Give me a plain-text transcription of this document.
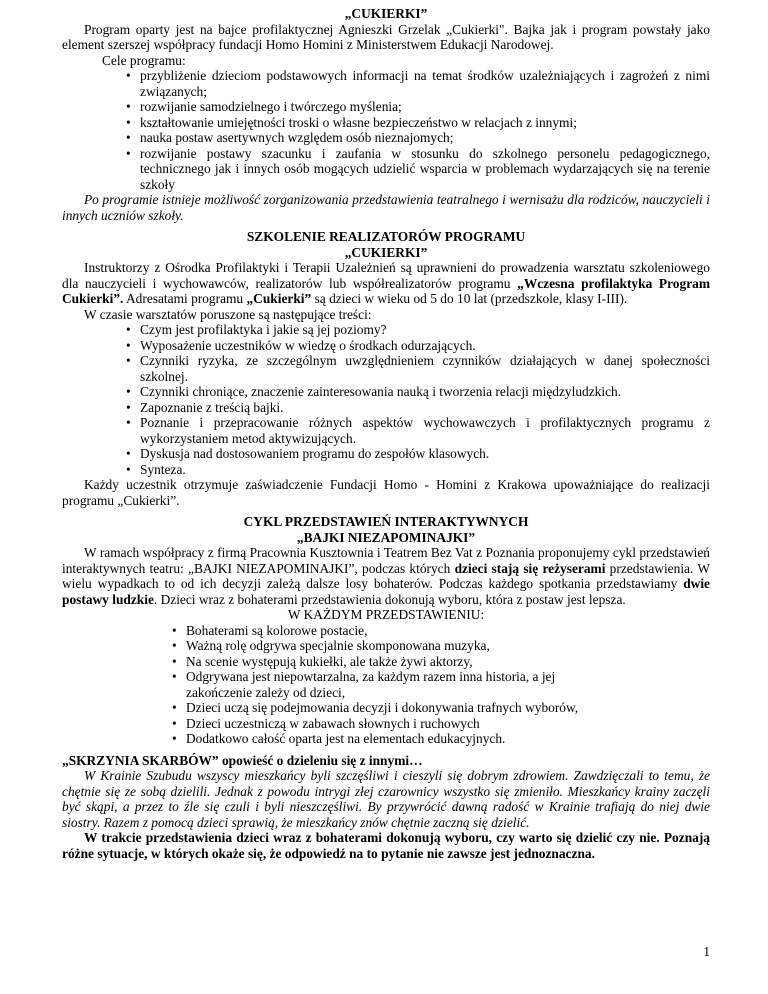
„CUKIERKI”

Program oparty jest na bajce profilaktycznej Agnieszki Grzelak „Cukierki". Bajka jak i program powstały jako element szerszej współpracy fundacji Homo Homini z Ministerstwem Edukacji Narodowej.

Cele programu:

• przybliżenie dzieciom podstawowych informacji na temat środków uzależniających i zagrożeń z nimi związanych;
• rozwijanie samodzielnego i twórczego myślenia;
• kształtowanie umiejętności troski o własne bezpieczeństwo w relacjach z innymi;
• nauka postaw asertywnych względem osób nieznajomych;
• rozwijanie postawy szacunku i zaufania w stosunku do szkolnego personelu pedagogicznego, technicznego jak i innych osób mogących udzielić wsparcia w problemach wydarzających się na terenie szkoły

Po programie istnieje możliwość zorganizowania przedstawienia teatralnego i wernisażu dla rodziców, nauczycieli i innych uczniów szkoły.

SZKOLENIE REALIZATORÓW PROGRAMU

„CUKIERKI”

Instruktorzy z Ośrodka Profilaktyki i Terapii Uzależnień są uprawnieni do prowadzenia warsztatu szkoleniowego dla nauczycieli i wychowawców, realizatorów lub współrealizatorów programu „Wczesna profilaktyka Program Cukierki”. Adresatami programu „Cukierki” są dzieci w wieku od 5 do 10 lat (przedszkole, klasy I-III).

W czasie warsztatów poruszone są następujące treści:

• Czym jest profilaktyka i jakie są jej poziomy?
• Wyposażenie uczestników w wiedzę o środkach odurzających.
• Czynniki ryzyka, ze szczególnym uwzględnieniem czynników działających w danej społeczności szkolnej.
• Czynniki chroniące, znaczenie zainteresowania nauką i tworzenia relacji międzyludzkich.
• Zapoznanie z treścią bajki.
• Poznanie i przepracowanie różnych aspektów wychowawczych i profilaktycznych programu z wykorzystaniem metod aktywizujących.
• Dyskusja nad dostosowaniem programu do zespołów klasowych.
• Synteza.

Każdy uczestnik otrzymuje zaświadczenie Fundacji Homo - Homini z Krakowa upoważniające do realizacji programu „Cukierki”.

CYKL PRZEDSTAWIEŃ INTERAKTYWNYCH

„BAJKI NIEZAPOMINAJKI”

W ramach współpracy z firmą Pracownia Kusztownia i Teatrem Bez Vat z Poznania proponujemy cykl przedstawień interaktywnych teatru: „BAJKI NIEZAPOMINAJKI”, podczas których dzieci stają się reżyserami przedstawienia. W wielu wypadkach to od ich decyzji zależą dalsze losy bohaterów. Podczas każdego spotkania przedstawiamy dwie postawy ludzkie. Dzieci wraz z bohaterami przedstawienia dokonują wyboru, która z postaw jest lepsza.

W KAŻDYM PRZEDSTAWIENIU:

• Bohaterami są kolorowe postacie,
• Ważną rolę odgrywa specjalnie skomponowana muzyka,
• Na scenie występują kukiełki, ale także żywi aktorzy,
• Odgrywana jest niepowtarzalna, za każdym razem inna historia, a jej zakończenie zależy od dzieci,
• Dzieci uczą się podejmowania decyzji i dokonywania trafnych wyborów,
• Dzieci uczestniczą w zabawach słownych i ruchowych
• Dodatkowo całość oparta jest na elementach edukacyjnych.

„SKRZYNIA SKARBÓW” opowieść o dzieleniu się z innymi…

W Krainie Szubudu wszyscy mieszkańcy byli szczęśliwi i cieszyli się dobrym zdrowiem. Zawdzięczali to temu, że chętnie się ze sobą dzielili. Jednak z powodu intrygi złej czarownicy wszystko się zmieniło. Mieszkańcy krainy zaczęli być skąpi, a przez to źle się czuli i byli nieszczęśliwi. By przywrócić dawną radość w Krainie trafiają do niej dwie siostry. Razem z pomocą dzieci sprawią, że mieszkańcy znów chętnie zaczną się dzielić.

W trakcie przedstawienia dzieci wraz z bohaterami dokonują wyboru, czy warto się dzielić czy nie. Poznają różne sytuacje, w których okaże się, że odpowiedź na to pytanie nie zawsze jest jednoznaczna.

1
